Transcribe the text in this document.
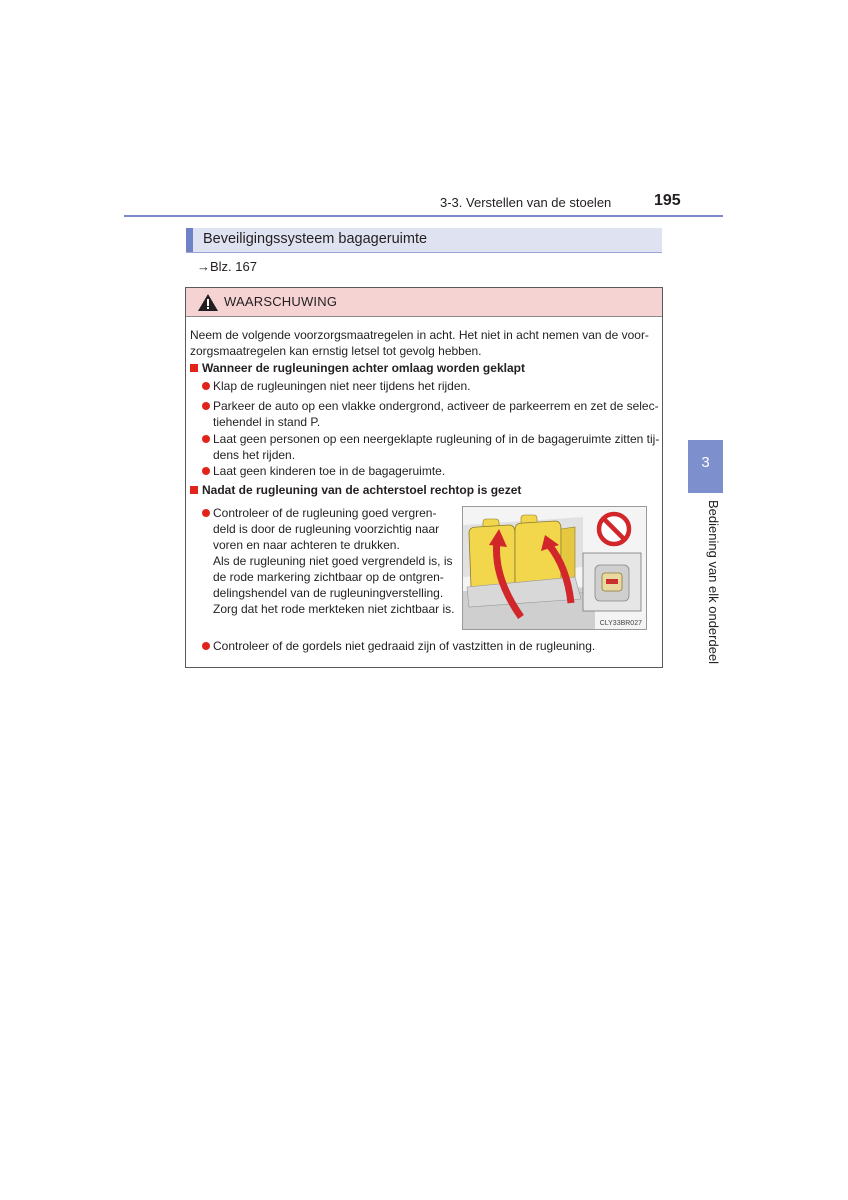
3-3. Verstellen van de stoelen	195
Beveiligingssysteem bagageruimte
→Blz. 167
WAARSCHUWING
Neem de volgende voorzorgsmaatregelen in acht. Het niet in acht nemen van de voor-
zorgsmaatregelen kan ernstig letsel tot gevolg hebben.
Wanneer de rugleuningen achter omlaag worden geklapt
Klap de rugleuningen niet neer tijdens het rijden.
Parkeer de auto op een vlakke ondergrond, activeer de parkeerrem en zet de selec-
tiehendel in stand P.
Laat geen personen op een neergeklapte rugleuning of in de bagageruimte zitten tij-
dens het rijden.
Laat geen kinderen toe in de bagageruimte.
Nadat de rugleuning van de achterstoel rechtop is gezet
Controleer of de rugleuning goed vergren-
deld is door de rugleuning voorzichtig naar
voren en naar achteren te drukken.
Als de rugleuning niet goed vergrendeld is, is
de rode markering zichtbaar op de ontgren-
delingshendel van de rugleuningverstelling.
Zorg dat het rode merkteken niet zichtbaar is.
CLY33BR027
Controleer of de gordels niet gedraaid zijn of vastzitten in de rugleuning.
3
Bediening van elk onderdeel
